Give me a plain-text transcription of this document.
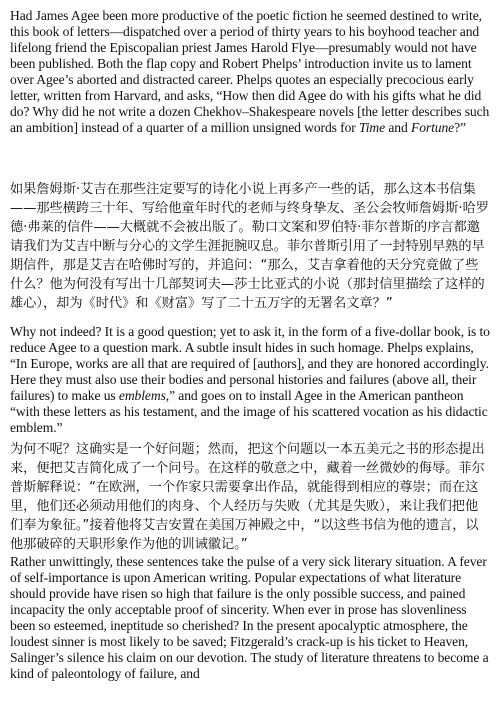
Had James Agee been more productive of the poetic fiction he seemed destined to write, this book of letters—dispatched over a period of thirty years to his boyhood teacher and lifelong friend the Episcopalian priest James Harold Flye—presumably would not have been published. Both the flap copy and Robert Phelps’ introduction invite us to lament over Agee’s aborted and distracted career. Phelps quotes an especially precocious early letter, written from Harvard, and asks, “How then did Agee do with his gifts what he did do? Why did he not write a dozen Chekhov–Shakespeare novels [the letter describes such an ambition] instead of a quarter of a million unsigned words for Time and Fortune?”

如果詹姆斯·艾吉在那些注定要写的诗化小说上再多产一些的话，那么这本书信集——那些横跨三十年、写给他童年时代的老师与终身挚友、圣公会牧师詹姆斯·哈罗德·弗莱的信件——大概就不会被出版了。勒口文案和罗伯特·菲尔普斯的序言都邀请我们为艾吉中断与分心的文学生涯扼腕叹息。菲尔普斯引用了一封特别早熟的早期信件，那是艾吉在哈佛时写的，并追问：“那么，艾吉拿着他的天分究竟做了些什么？他为何没有写出十几部契诃夫—莎士比亚式的小说（那封信里描绘了这样的雄心），却为《时代》和《财富》写了二十五万字的无署名文章？”

Why not indeed? It is a good question; yet to ask it, in the form of a five-dollar book, is to reduce Agee to a question mark. A subtle insult hides in such homage. Phelps explains, “In Europe, works are all that are required of [authors], and they are honored accordingly. Here they must also use their bodies and personal histories and failures (above all, their failures) to make us emblems,” and goes on to install Agee in the American pantheon “with these letters as his testament, and the image of his scattered vocation as his didactic emblem.”

为何不呢？这确实是一个好问题；然而，把这个问题以一本五美元之书的形态提出来，便把艾吉简化成了一个问号。在这样的敬意之中，藏着一丝微妙的侮辱。菲尔普斯解释说：“在欧洲，一个作家只需要拿出作品，就能得到相应的尊崇；而在这里，他们还必须动用他们的肉身、个人经历与失败（尤其是失败），来让我们把他们奉为象征。”接着他将艾吉安置在美国万神殿之中，“以这些书信为他的遗言，以他那破碎的天职形象作为他的训诫徽记。”

Rather unwittingly, these sentences take the pulse of a very sick literary situation. A fever of self-importance is upon American writing. Popular expectations of what literature should provide have risen so high that failure is the only possible success, and pained incapacity the only acceptable proof of sincerity. When ever in prose has slovenliness been so esteemed, ineptitude so cherished? In the present apocalyptic atmosphere, the loudest sinner is most likely to be saved; Fitzgerald’s crack-up is his ticket to Heaven, Salinger’s silence his claim on our devotion. The study of literature threatens to become a kind of paleontology of failure, and
